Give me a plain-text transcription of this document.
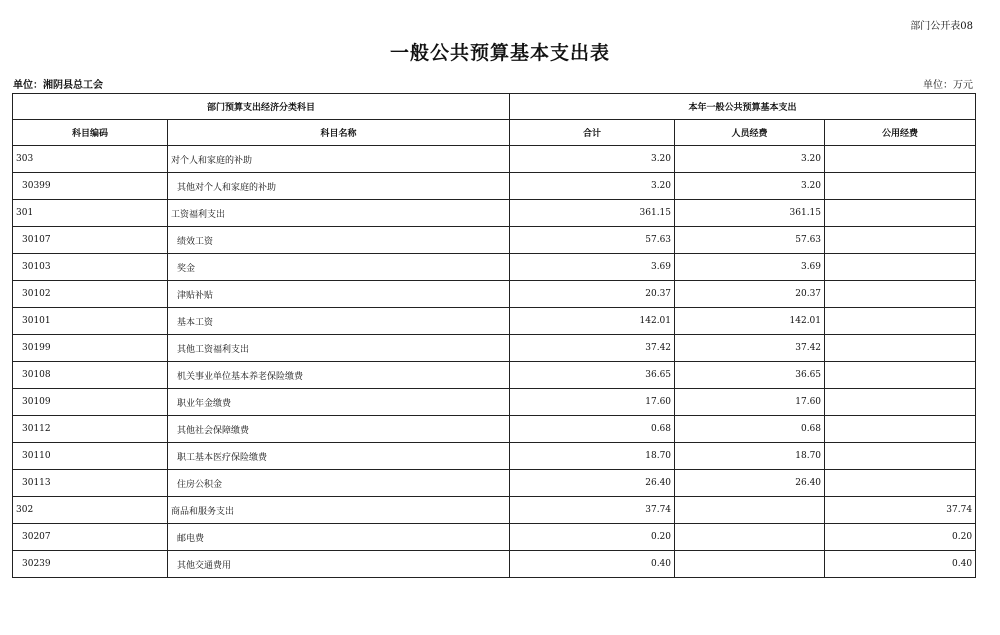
部门公开表08
一般公共预算基本支出表
单位：湘阴县总工会	单位：万元
部门预算支出经济分类科目		本年一般公共预算基本支出		
科目编码	科目名称	合计	人员经费	公用经费
303	对个人和家庭的补助	3.20	3.20	
30399	其他对个人和家庭的补助	3.20	3.20	
301	工资福利支出	361.15	361.15	
30107	绩效工资	57.63	57.63	
30103	奖金	3.69	3.69	
30102	津贴补贴	20.37	20.37	
30101	基本工资	142.01	142.01	
30199	其他工资福利支出	37.42	37.42	
30108	机关事业单位基本养老保险缴费	36.65	36.65	
30109	职业年金缴费	17.60	17.60	
30112	其他社会保障缴费	0.68	0.68	
30110	职工基本医疗保险缴费	18.70	18.70	
30113	住房公积金	26.40	26.40	
302	商品和服务支出	37.74		37.74
30207	邮电费	0.20		0.20
30239	其他交通费用	0.40		0.40
